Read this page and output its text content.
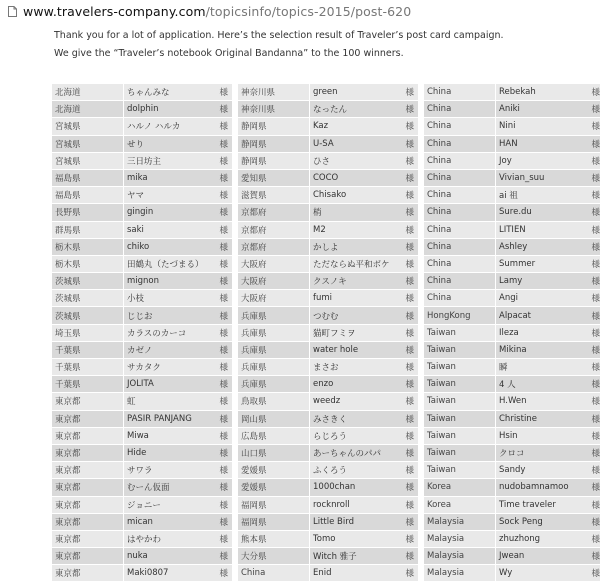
www.travelers-company.com/topicsinfo/topics-2015/post-620

Thank you for a lot of application. Here’s the selection result of Traveler’s post card campaign.

We give the “Traveler’s notebook Original Bandanna” to the 100 winners.

北海道	ちゃんみな	様
北海道	dolphin	様
宮城県	ハルノ ハルカ	様
宮城県	せり	様
宮城県	三日坊主	様
福島県	mika	様
福島県	ヤマ	様
長野県	gingin	様
群馬県	saki	様
栃木県	chiko	様
栃木県	田鶴丸（たづまる）	様
茨城県	mignon	様
茨城県	小枝	様
茨城県	じじお	様
埼玉県	カラスのカーコ	様
千葉県	カゼノ	様
千葉県	サカタク	様
千葉県	JOLITA	様
東京都	虹	様
東京都	PASIR PANJANG	様
東京都	Miwa	様
東京都	Hide	様
東京都	サワラ	様
東京都	むーん仮面	様
東京都	ジョニー	様
東京都	mican	様
東京都	はやかわ	様
東京都	nuka	様
東京都	Maki0807	様
神奈川県	green	様
神奈川県	なったん	様
静岡県	Kaz	様
静岡県	U-SA	様
静岡県	ひさ	様
愛知県	COCO	様
滋賀県	Chisako	様
京都府	梢	様
京都府	M2	様
京都府	かしよ	様
大阪府	ただならぬ平和ボケ	様
大阪府	クスノキ	様
大阪府	fumi	様
兵庫県	つむむ	様
兵庫県	猫町フミヲ	様
兵庫県	water hole	様
兵庫県	まさお	様
兵庫県	enzo	様
鳥取県	weedz	様
岡山県	みさきく	様
広島県	らじろう	様
山口県	あーちゃんのパパ	様
愛媛県	ふくろう	様
愛媛県	1000chan	様
福岡県	rocknroll	様
福岡県	Little Bird	様
熊本県	Tomo	様
大分県	Witch 雅子	様
China	Enid	様
China	Rebekah	様
China	Aniki	様
China	Nini	様
China	HAN	様
China	Joy	様
China	Vivian_suu	様
China	ai 祖	様
China	Sure.du	様
China	LITIEN	様
China	Ashley	様
China	Summer	様
China	Lamy	様
China	Angi	様
HongKong	Alpacat	様
Taiwan	Ileza	様
Taiwan	Mikina	様
Taiwan	瞬	様
Taiwan	4 人	様
Taiwan	H.Wen	様
Taiwan	Christine	様
Taiwan	Hsin	様
Taiwan	クロコ	様
Taiwan	Sandy	様
Korea	nudobamnamoo	様
Korea	Time traveler	様
Malaysia	Sock Peng	様
Malaysia	zhuzhong	様
Malaysia	Jwean	様
Malaysia	Wy	様
